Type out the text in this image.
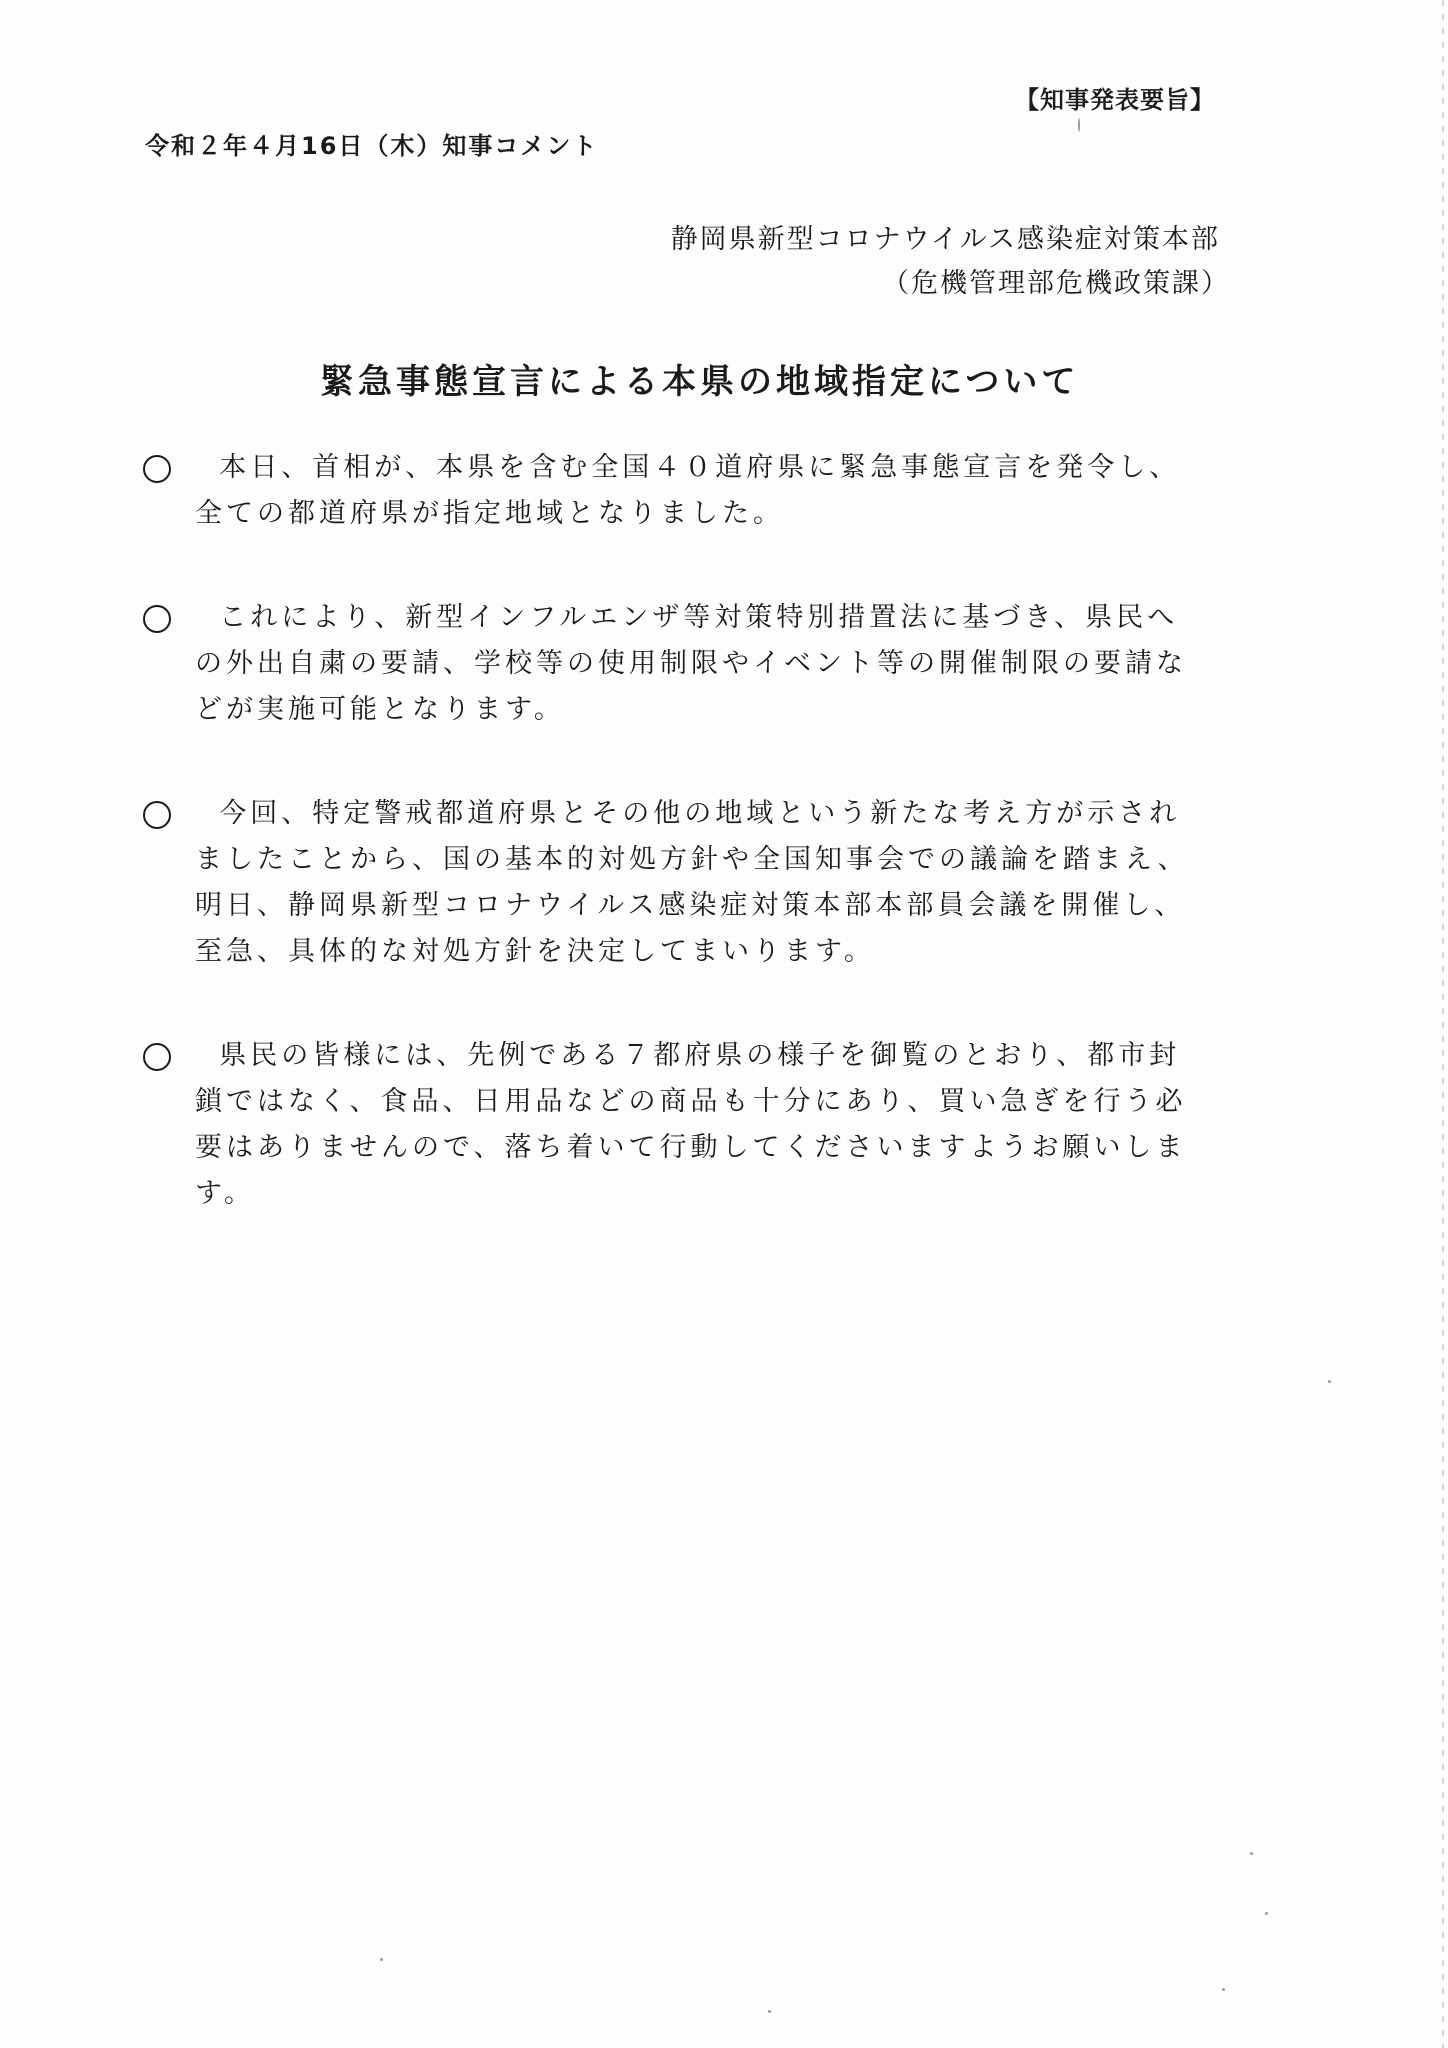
【知事発表要旨】
令和２年４月16日（木）知事コメント
静岡県新型コロナウイルス感染症対策本部
（危機管理部危機政策課）
緊急事態宣言による本県の地域指定について
本日、首相が、本県を含む全国４０道府県に緊急事態宣言を発令し、
全ての都道府県が指定地域となりました。
これにより、新型インフルエンザ等対策特別措置法に基づき、県民へ
の外出自粛の要請、学校等の使用制限やイベント等の開催制限の要請な
どが実施可能となります。
今回、特定警戒都道府県とその他の地域という新たな考え方が示され
ましたことから、国の基本的対処方針や全国知事会での議論を踏まえ、
明日、静岡県新型コロナウイルス感染症対策本部本部員会議を開催し、
至急、具体的な対処方針を決定してまいります。
県民の皆様には、先例である７都府県の様子を御覧のとおり、都市封
鎖ではなく、食品、日用品などの商品も十分にあり、買い急ぎを行う必
要はありませんので、落ち着いて行動してくださいますようお願いしま
す。
